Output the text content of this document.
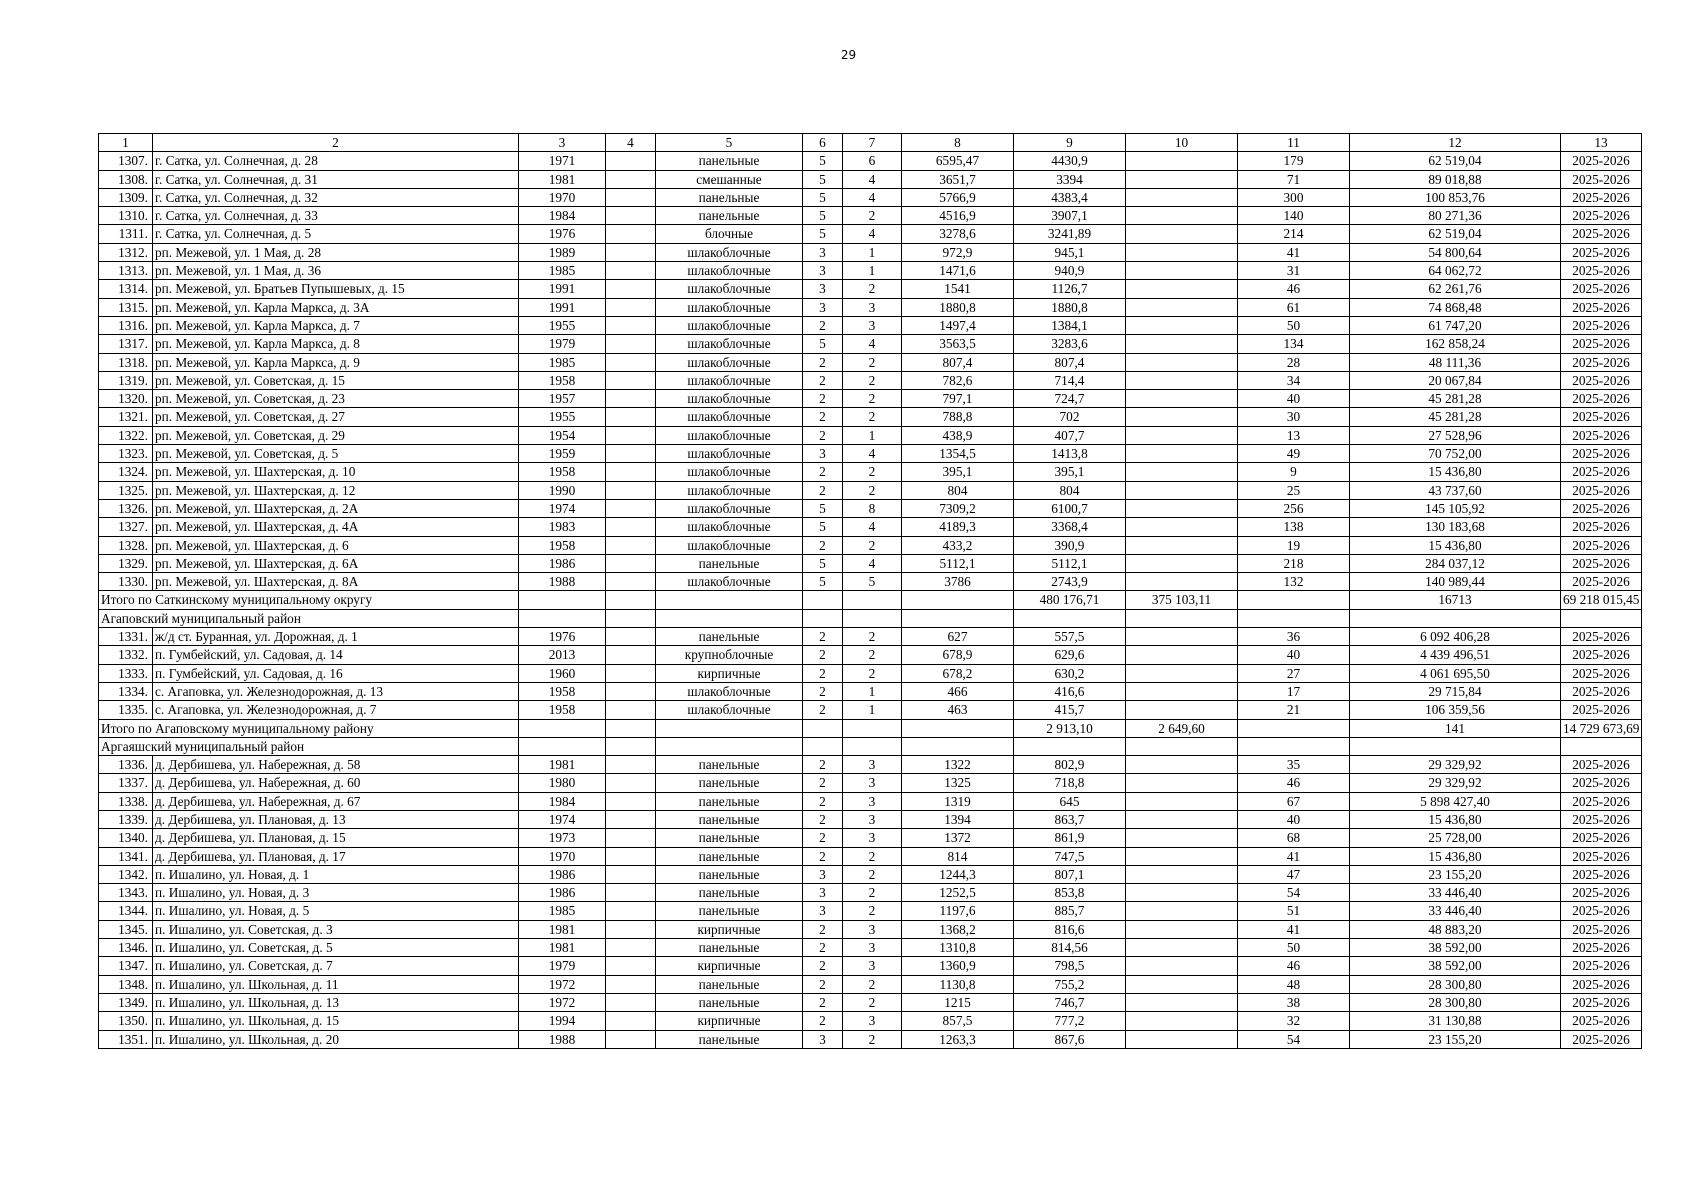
29
1	2	3	4	5	6	7	8	9	10	11	12	13	
1307.	г. Сатка, ул. Солнечная, д. 28	1971		панельные	5	6	6595,47	4430,9		179	62 519,04	2025-2026	
1308.	г. Сатка, ул. Солнечная, д. 31	1981		смешанные	5	4	3651,7	3394		71	89 018,88	2025-2026	
1309.	г. Сатка, ул. Солнечная, д. 32	1970		панельные	5	4	5766,9	4383,4		300	100 853,76	2025-2026	
1310.	г. Сатка, ул. Солнечная, д. 33	1984		панельные	5	2	4516,9	3907,1		140	80 271,36	2025-2026	
1311.	г. Сатка, ул. Солнечная, д. 5	1976		блочные	5	4	3278,6	3241,89		214	62 519,04	2025-2026	
1312.	рп. Межевой, ул. 1 Мая, д. 28	1989		шлакоблочные	3	1	972,9	945,1		41	54 800,64	2025-2026	
1313.	рп. Межевой, ул. 1 Мая, д. 36	1985		шлакоблочные	3	1	1471,6	940,9		31	64 062,72	2025-2026	
1314.	рп. Межевой, ул. Братьев Пупышевых, д. 15	1991		шлакоблочные	3	2	1541	1126,7		46	62 261,76	2025-2026	
1315.	рп. Межевой, ул. Карла Маркса, д. 3А	1991		шлакоблочные	3	3	1880,8	1880,8		61	74 868,48	2025-2026	
1316.	рп. Межевой, ул. Карла Маркса, д. 7	1955		шлакоблочные	2	3	1497,4	1384,1		50	61 747,20	2025-2026	
1317.	рп. Межевой, ул. Карла Маркса, д. 8	1979		шлакоблочные	5	4	3563,5	3283,6		134	162 858,24	2025-2026	
1318.	рп. Межевой, ул. Карла Маркса, д. 9	1985		шлакоблочные	2	2	807,4	807,4		28	48 111,36	2025-2026	
1319.	рп. Межевой, ул. Советская, д. 15	1958		шлакоблочные	2	2	782,6	714,4		34	20 067,84	2025-2026	
1320.	рп. Межевой, ул. Советская, д. 23	1957		шлакоблочные	2	2	797,1	724,7		40	45 281,28	2025-2026	
1321.	рп. Межевой, ул. Советская, д. 27	1955		шлакоблочные	2	2	788,8	702		30	45 281,28	2025-2026	
1322.	рп. Межевой, ул. Советская, д. 29	1954		шлакоблочные	2	1	438,9	407,7		13	27 528,96	2025-2026	
1323.	рп. Межевой, ул. Советская, д. 5	1959		шлакоблочные	3	4	1354,5	1413,8		49	70 752,00	2025-2026	
1324.	рп. Межевой, ул. Шахтерская, д. 10	1958		шлакоблочные	2	2	395,1	395,1		9	15 436,80	2025-2026	
1325.	рп. Межевой, ул. Шахтерская, д. 12	1990		шлакоблочные	2	2	804	804		25	43 737,60	2025-2026	
1326.	рп. Межевой, ул. Шахтерская, д. 2А	1974		шлакоблочные	5	8	7309,2	6100,7		256	145 105,92	2025-2026	
1327.	рп. Межевой, ул. Шахтерская, д. 4А	1983		шлакоблочные	5	4	4189,3	3368,4		138	130 183,68	2025-2026	
1328.	рп. Межевой, ул. Шахтерская, д. 6	1958		шлакоблочные	2	2	433,2	390,9		19	15 436,80	2025-2026	
1329.	рп. Межевой, ул. Шахтерская, д. 6А	1986		панельные	5	4	5112,1	5112,1		218	284 037,12	2025-2026	
1330.	рп. Межевой, ул. Шахтерская, д. 8А	1988		шлакоблочные	5	5	3786	2743,9		132	140 989,44	2025-2026	
Итого по Саткинскому муниципальному округу								480 176,71	375 103,11		16713	69 218 015,45	
Агаповский муниципальный район													
1331.	ж/д ст. Буранная, ул. Дорожная, д. 1	1976		панельные	2	2	627	557,5		36	6 092 406,28	2025-2026	
1332.	п. Гумбейский, ул. Садовая, д. 14	2013		крупноблочные	2	2	678,9	629,6		40	4 439 496,51	2025-2026	
1333.	п. Гумбейский, ул. Садовая, д. 16	1960		кирпичные	2	2	678,2	630,2		27	4 061 695,50	2025-2026	
1334.	с. Агаповка, ул. Железнодорожная, д. 13	1958		шлакоблочные	2	1	466	416,6		17	29 715,84	2025-2026	
1335.	с. Агаповка, ул. Железнодорожная, д. 7	1958		шлакоблочные	2	1	463	415,7		21	106 359,56	2025-2026	
Итого по Агаповскому муниципальному району								2 913,10	2 649,60		141	14 729 673,69	
Аргаяшский муниципальный район													
1336.	д. Дербишева, ул. Набережная, д. 58	1981		панельные	2	3	1322	802,9		35	29 329,92	2025-2026	
1337.	д. Дербишева, ул. Набережная, д. 60	1980		панельные	2	3	1325	718,8		46	29 329,92	2025-2026	
1338.	д. Дербишева, ул. Набережная, д. 67	1984		панельные	2	3	1319	645		67	5 898 427,40	2025-2026	
1339.	д. Дербишева, ул. Плановая, д. 13	1974		панельные	2	3	1394	863,7		40	15 436,80	2025-2026	
1340.	д. Дербишева, ул. Плановая, д. 15	1973		панельные	2	3	1372	861,9		68	25 728,00	2025-2026	
1341.	д. Дербишева, ул. Плановая, д. 17	1970		панельные	2	2	814	747,5		41	15 436,80	2025-2026	
1342.	п. Ишалино, ул. Новая, д. 1	1986		панельные	3	2	1244,3	807,1		47	23 155,20	2025-2026	
1343.	п. Ишалино, ул. Новая, д. 3	1986		панельные	3	2	1252,5	853,8		54	33 446,40	2025-2026	
1344.	п. Ишалино, ул. Новая, д. 5	1985		панельные	3	2	1197,6	885,7		51	33 446,40	2025-2026	
1345.	п. Ишалино, ул. Советская, д. 3	1981		кирпичные	2	3	1368,2	816,6		41	48 883,20	2025-2026	
1346.	п. Ишалино, ул. Советская, д. 5	1981		панельные	2	3	1310,8	814,56		50	38 592,00	2025-2026	
1347.	п. Ишалино, ул. Советская, д. 7	1979		кирпичные	2	3	1360,9	798,5		46	38 592,00	2025-2026	
1348.	п. Ишалино, ул. Школьная, д. 11	1972		панельные	2	2	1130,8	755,2		48	28 300,80	2025-2026	
1349.	п. Ишалино, ул. Школьная, д. 13	1972		панельные	2	2	1215	746,7		38	28 300,80	2025-2026	
1350.	п. Ишалино, ул. Школьная, д. 15	1994		кирпичные	2	3	857,5	777,2		32	31 130,88	2025-2026	
1351.	п. Ишалино, ул. Школьная, д. 20	1988		панельные	3	2	1263,3	867,6		54	23 155,20	2025-2026	
